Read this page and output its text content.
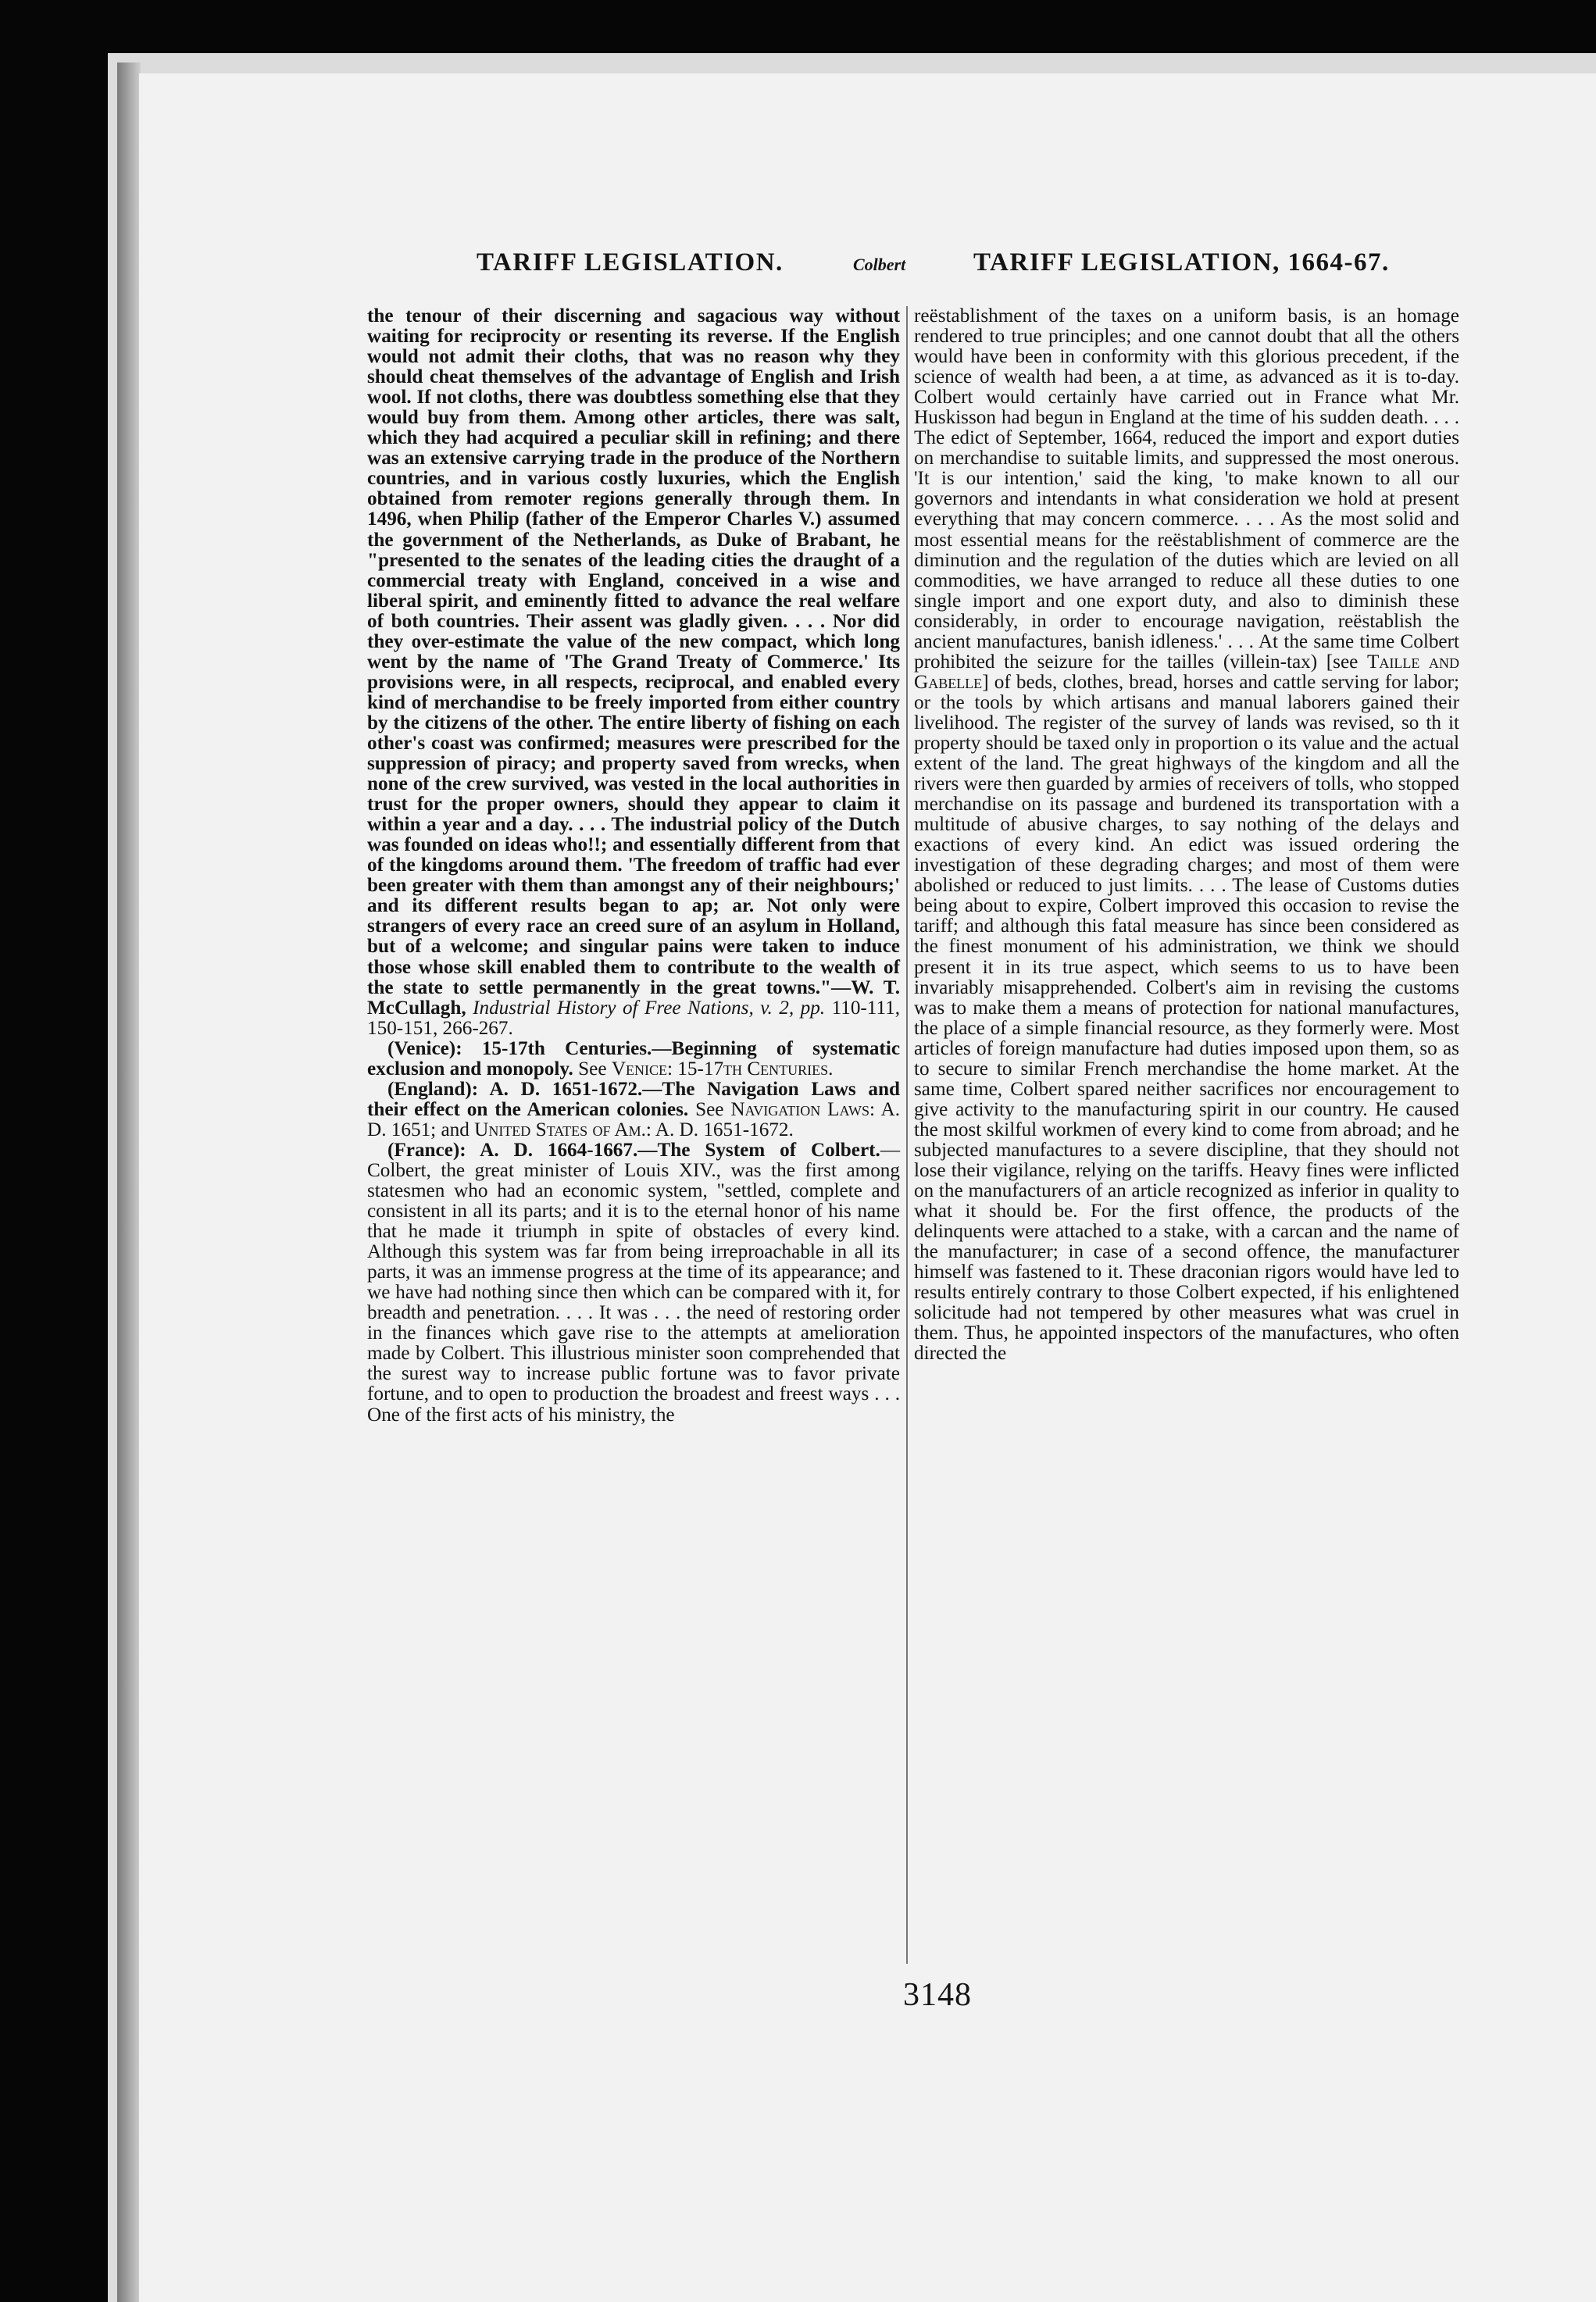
TARIFF LEGISLATION.	Colbert	TARIFF LEGISLATION, 1664-67.

the tenour of their discerning and sagacious way without waiting for reciprocity or resenting its reverse. If the English would not admit their cloths, that was no reason why they should cheat themselves of the advantage of English and Irish wool. If not cloths, there was doubtless something else that they would buy from them. Among other articles, there was salt, which they had acquired a peculiar skill in refining; and there was an extensive carrying trade in the produce of the Northern countries, and in various costly luxuries, which the English obtained from remoter regions generally through them. In 1496, when Philip (father of the Emperor Charles V.) assumed the government of the Netherlands, as Duke of Brabant, he "presented to the senates of the leading cities the draught of a commercial treaty with England, conceived in a wise and liberal spirit, and eminently fitted to advance the real welfare of both countries. Their assent was gladly given. . . . Nor did they over-estimate the value of the new compact, which long went by the name of 'The Grand Treaty of Commerce.' Its provisions were, in all respects, reciprocal, and enabled every kind of merchandise to be freely imported from either country by the citizens of the other. The entire liberty of fishing on each other's coast was confirmed; measures were prescribed for the suppression of piracy; and property saved from wrecks, when none of the crew survived, was vested in the local authorities in trust for the proper owners, should they appear to claim it within a year and a day. . . . The industrial policy of the Dutch was founded on ideas who!!; and essentially different from that of the kingdoms around them. 'The freedom of traffic had ever been greater with them than amongst any of their neighbours;' and its different results began to ap; ar. Not only were strangers of every race an creed sure of an asylum in Holland, but of a welcome; and singular pains were taken to induce those whose skill enabled them to contribute to the wealth of the state to settle permanently in the great towns."—W. T. McCullagh, Industrial History of Free Nations, v. 2, pp. 110-111, 150-151, 266-267.

(Venice): 15-17th Centuries.—Beginning of systematic exclusion and monopoly. See Venice: 15-17th Centuries.

(England): A. D. 1651-1672.—The Navigation Laws and their effect on the American colonies. See Navigation Laws: A. D. 1651; and United States of Am.: A. D. 1651-1672.

(France): A. D. 1664-1667.—The System of Colbert.—Colbert, the great minister of Louis XIV., was the first among statesmen who had an economic system, "settled, complete and consistent in all its parts; and it is to the eternal honor of his name that he made it triumph in spite of obstacles of every kind. Although this system was far from being irreproachable in all its parts, it was an immense progress at the time of its appearance; and we have had nothing since then which can be compared with it, for breadth and penetration. . . . It was . . . the need of restoring order in the finances which gave rise to the attempts at amelioration made by Colbert. This illustrious minister soon comprehended that the surest way to increase public fortune was to favor private fortune, and to open to production the broadest and freest ways . . . One of the first acts of his ministry, the

reëstablishment of the taxes on a uniform basis, is an homage rendered to true principles; and one cannot doubt that all the others would have been in conformity with this glorious precedent, if the science of wealth had been, a at time, as advanced as it is to-day. Colbert would certainly have carried out in France what Mr. Huskisson had begun in England at the time of his sudden death. . . . The edict of September, 1664, reduced the import and export duties on merchandise to suitable limits, and suppressed the most onerous. 'It is our intention,' said the king, 'to make known to all our governors and intendants in what consideration we hold at present everything that may concern commerce. . . . As the most solid and most essential means for the reëstablishment of commerce are the diminution and the regulation of the duties which are levied on all commodities, we have arranged to reduce all these duties to one single import and one export duty, and also to diminish these considerably, in order to encourage navigation, reëstablish the ancient manufactures, banish idleness.' . . . At the same time Colbert prohibited the seizure for the tailles (villein-tax) [see Taille and Gabelle] of beds, clothes, bread, horses and cattle serving for labor; or the tools by which artisans and manual laborers gained their livelihood. The register of the survey of lands was revised, so th it property should be taxed only in proportion o its value and the actual extent of the land. The great highways of the kingdom and all the rivers were then guarded by armies of receivers of tolls, who stopped merchandise on its passage and burdened its transportation with a multitude of abusive charges, to say nothing of the delays and exactions of every kind. An edict was issued ordering the investigation of these degrading charges; and most of them were abolished or reduced to just limits. . . . The lease of Customs duties being about to expire, Colbert improved this occasion to revise the tariff; and although this fatal measure has since been considered as the finest monument of his administration, we think we should present it in its true aspect, which seems to us to have been invariably misapprehended. Colbert's aim in revising the customs was to make them a means of protection for national manufactures, the place of a simple financial resource, as they formerly were. Most articles of foreign manufacture had duties imposed upon them, so as to secure to similar French merchandise the home market. At the same time, Colbert spared neither sacrifices nor encouragement to give activity to the manufacturing spirit in our country. He caused the most skilful workmen of every kind to come from abroad; and he subjected manufactures to a severe discipline, that they should not lose their vigilance, relying on the tariffs. Heavy fines were inflicted on the manufacturers of an article recognized as inferior in quality to what it should be. For the first offence, the products of the delinquents were attached to a stake, with a carcan and the name of the manufacturer; in case of a second offence, the manufacturer himself was fastened to it. These draconian rigors would have led to results entirely contrary to those Colbert expected, if his enlightened solicitude had not tempered by other measures what was cruel in them. Thus, he appointed inspectors of the manufactures, who often directed the

3148
